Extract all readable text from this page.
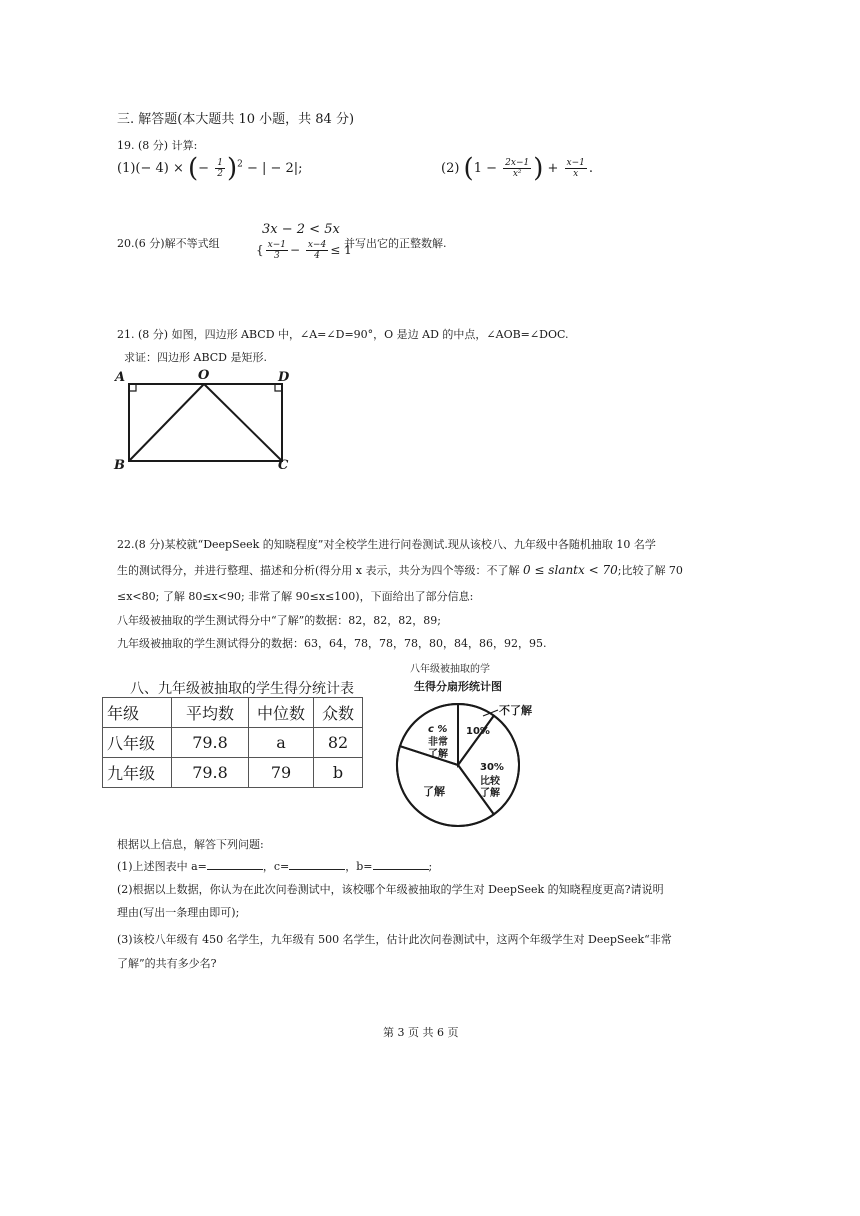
三. 解答题(本大题共 10 小题，共 84 分)
19. (8 分) 计算:
(1)(− 4) × (− $\frac{1}{2} )^2$ − | − 2|;	(2) ($1 - \frac{2x-1}{\text{x²}}$ ) + $\frac{x-1}{x}$ .
20.(6 分)解不等式组
3x − 2 < 5x
{ $\frac{x-1}{3} - \frac{x-4}{4} \le 1$
并写出它的正整数解.
21. (8 分) 如图，四边形 ABCD 中，∠A=∠D=90°，O 是边 AD 的中点，∠AOB=∠DOC.
求证：四边形 ABCD 是矩形.
A	O	D
B	C
22.(8 分)某校就“DeepSeek 的知晓程度”对全校学生进行问卷测试.现从该校八、九年级中各随机抽取 10 名学
生的测试得分，并进行整理、描述和分析(得分用 x 表示，共分为四个等级：不了解 0 ≤ slantx < 70;比较了解 70
≤x<80; 了解 80≤x<90; 非常了解 90≤x≤100)，下面给出了部分信息:
八年级被抽取的学生测试得分中“了解”的数据：82，82，82，89;
九年级被抽取的学生测试得分的数据：63，64，78，78，78，80，84，86，92，95.
八、九年级被抽取的学生得分统计表
年级	平均数	中位数	众数
八年级	79.8	a	82
九年级	79.8	79	b
八年级被抽取的学
生得分扇形统计图
不了解
10%
30%
比较
了解
了解
c %
非常
了解
根据以上信息，解答下列问题:
(1)上述图表中 a=	，c=	，b=	;
(2)根据以上数据，你认为在此次问卷测试中，该校哪个年级被抽取的学生对 DeepSeek 的知晓程度更高?请说明
理由(写出一条理由即可);
(3)该校八年级有 450 名学生，九年级有 500 名学生，估计此次问卷测试中，这两个年级学生对 DeepSeek“非常
了解”的共有多少名?
第 3 页 共 6 页
